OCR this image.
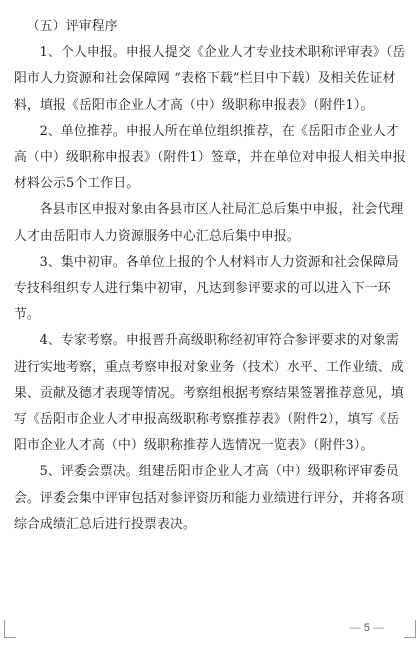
（五）评审程序

1、个人申报。申报人提交《企业人才专业技术职称评审表》（岳阳市人力资源和社会保障网 “表格下载”栏目中下载）及相关佐证材料，填报《岳阳市企业人才高（中）级职称申报表》（附件1）。

2、单位推荐。申报人所在单位组织推荐，在《岳阳市企业人才高（中）级职称申报表》（附件1）签章，并在单位对申报人相关申报材料公示5个工作日。

各县市区申报对象由各县市区人社局汇总后集中申报，社会代理人才由岳阳市人力资源服务中心汇总后集中申报。

3、集中初审。各单位上报的个人材料市人力资源和社会保障局专技科组织专人进行集中初审，凡达到参评要求的可以进入下一环节。

4、专家考察。申报晋升高级职称经初审符合参评要求的对象需进行实地考察，重点考察申报对象业务（技术）水平、工作业绩、成果、贡献及德才表现等情况。考察组根据考察结果签署推荐意见，填写《岳阳市企业人才申报高级职称考察推荐表》（附件2），填写《岳阳市企业人才高（中）级职称推荐人选情况一览表》（附件3）。

5、评委会票决。组建岳阳市企业人才高（中）级职称评审委员会。评委会集中评审包括对参评资历和能力业绩进行评分，并将各项综合成绩汇总后进行投票表决。

— 5 —
